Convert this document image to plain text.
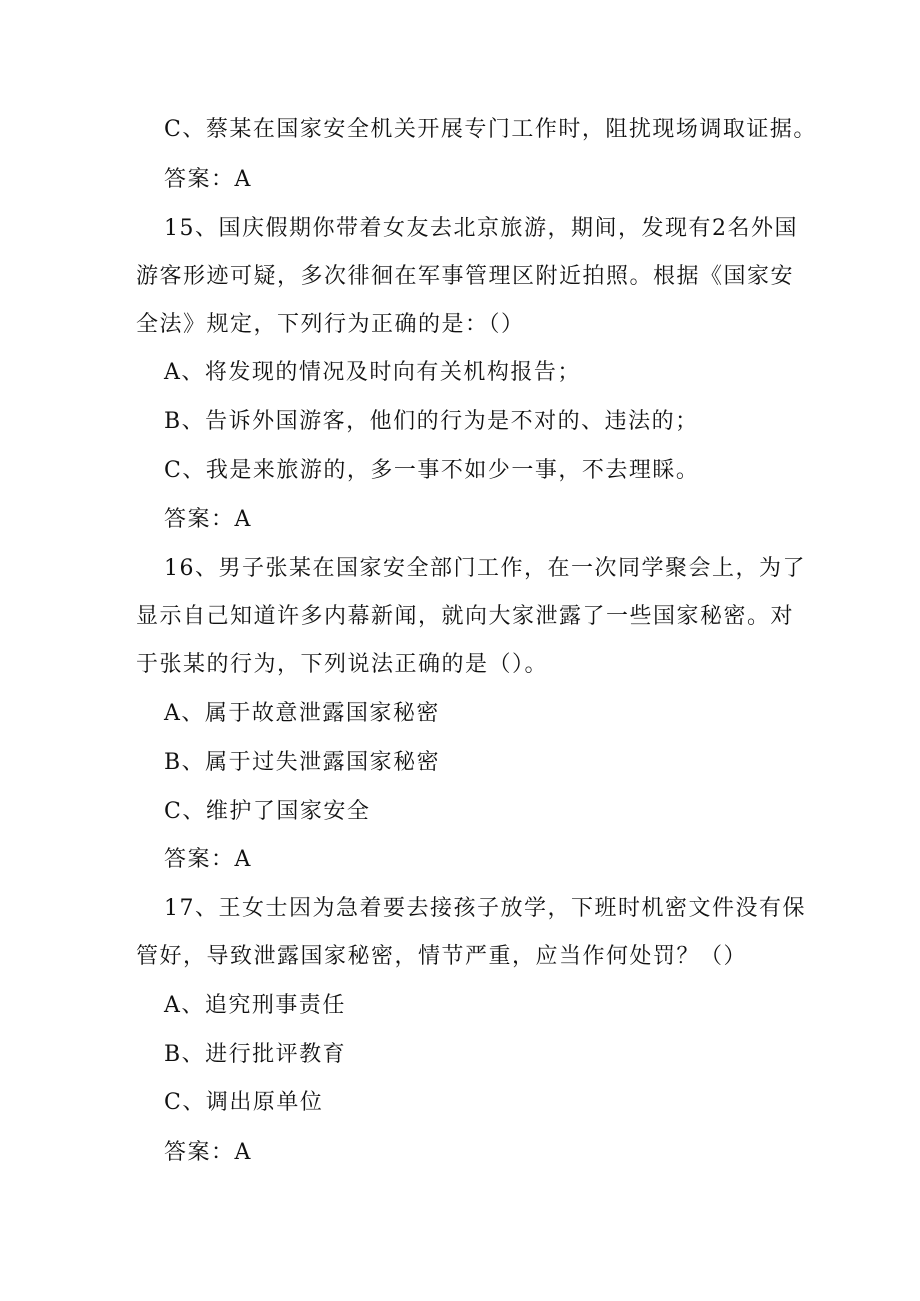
C、蔡某在国家安全机关开展专门工作时，阻扰现场调取证据。
答案：A
15、国庆假期你带着女友去北京旅游，期间，发现有2名外国
游客形迹可疑，多次徘徊在军事管理区附近拍照。根据《国家安
全法》规定，下列行为正确的是：（）
A、将发现的情况及时向有关机构报告；
B、告诉外国游客，他们的行为是不对的、违法的；
C、我是来旅游的，多一事不如少一事，不去理睬。
答案：A
16、男子张某在国家安全部门工作，在一次同学聚会上，为了
显示自己知道许多内幕新闻，就向大家泄露了一些国家秘密。对
于张某的行为，下列说法正确的是（）。
A、属于故意泄露国家秘密
B、属于过失泄露国家秘密
C、维护了国家安全
答案：A
17、王女士因为急着要去接孩子放学，下班时机密文件没有保
管好，导致泄露国家秘密，情节严重，应当作何处罚？（）
A、追究刑事责任
B、进行批评教育
C、调出原单位
答案：A
